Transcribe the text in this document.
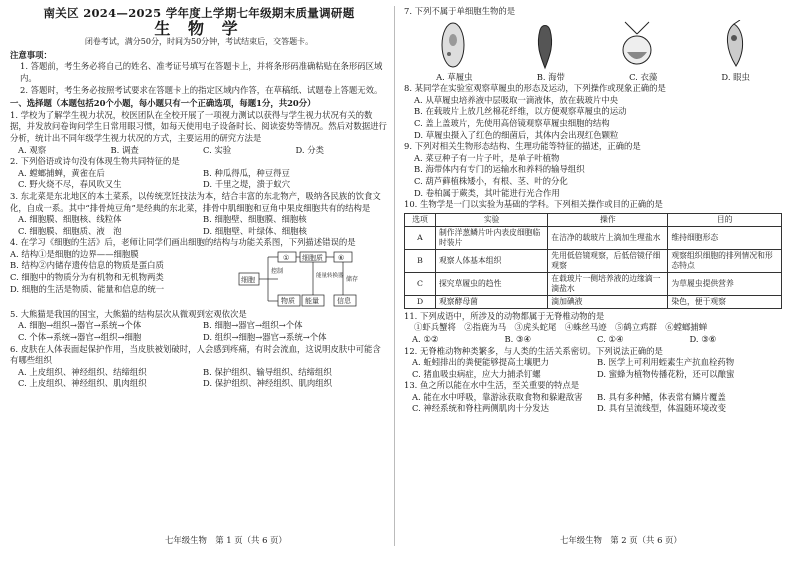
南关区 2024—2025 学年度上学期七年级期末质量调研题
生 物 学
闭卷考试，满分50分，时间为50分钟，考试结束后，交答题卡。

注意事项：

1. 答题前，考生务必将自己的姓名、准考证号填写在答题卡上，并将条形码准确粘贴在条形码区域内。

2. 答题时，考生务必按照考试要求在答题卡上的指定区域内作答，在草稿纸、试题卷上答题无效。

一、选择题（本题包括20个小题，每小题只有一个正确选项，每题1分，共20分）

1. 学校为了解学生视力状况，校医团队在全校开展了一项视力测试以获得与学生视力状况有关的数据，并发放问卷询问学生日常用眼习惯，如每天使用电子设备时长、阅读姿势等情况。然后对数据进行分析，统计出不同年级学生视力状况的方式，主要运用的研究方法是

A. 观察	B. 调查	C. 实验	D. 分类

2. 下列俗语或诗句没有体现生物共同特征的是

A. 螳螂捕蝉，黄雀在后	B. 种瓜得瓜，种豆得豆
C. 野火烧不尽，春风吹又生	D. 千里之堤，溃于蚁穴

3. 东北菜是东北地区的本土菜系，以传统烹饪技法为本，结合丰富的东北物产，吸纳各民族的饮食文化，自成一系。其中“排骨炖豆角”是经典的东北菜，排骨中肌细胞和豆角中果皮细胞共有的结构是

A. 细胞膜、细胞核、线粒体	B. 细胞壁、细胞膜、细胞核
C. 细胞膜、细胞质、液　泡	D. 细胞壁、叶绿体、细胞核

4. 在学习《细胞的生活》后，老师让同学们画出细胞的结构与功能关系图，下列描述错误的是

细胞
①
控制
细胞质 ⑥
物质 能量	信息
能量转换器 储存

A. 结构①是细胞的边界——细胞膜

B. 结构②内储存遗传信息的物质是蛋白质

C. 细胞中的物质分为有机物和无机物两类

D. 细胞的生活是物质、能量和信息的统一

5. 大熊猫是我国的国宝，大熊猫的结构层次从微观到宏观依次是

A. 细胞→组织→器官→系统→个体	B. 细胞→器官→组织→个体
C. 个体→系统→器官→组织→细胞	D. 组织→细胞→器官→系统→个体

6. 皮肤在人体表面起保护作用，当皮肤被划破时，人会感到疼痛，有时会流血，这说明皮肤中可能含有哪些组织

A. 上皮组织、神经组织、结缔组织	B. 保护组织、输导组织、结缔组织
C. 上皮组织、神经组织、肌肉组织	D. 保护组织、神经组织、肌肉组织

7. 下列不属于单细胞生物的是

A. 草履虫	B. 海带	C. 衣藻	D. 眼虫

8. 某同学在实验室观察草履虫的形态及运动，下列操作或现象正确的是

A. 从草履虫培养液中层吸取一滴液体，放在载玻片中央

B. 在载玻片上放几丝棉花纤维，以方便观察草履虫的运动

C. 盖上盖玻片，先使用高倍镜观察草履虫细胞的结构

D. 草履虫摄入了红色的细菌后，其体内会出现红色颗粒

9. 下列对相关生物形态结构、生理功能等特征的描述，正确的是

A. 菜豆种子有一片子叶，是单子叶植物

B. 海带体内有专门的运输水和养料的输导组织

C. 葫芦藓植株矮小，有根、茎、叶的分化

D. 卷柏属于蕨类，其叶能进行光合作用

10. 生物学是一门以实验为基础的学科。下列相关操作或目的正确的是

选项	实验	操作	目的
A	制作洋葱鳞片叶内表皮细胞临时装片	在洁净的载玻片上滴加生理盐水	维持细胞形态
B	观察人体基本组织	先用低倍镜观察，后低倍镜仔细观察	观察组织细胞的排列情况和形态特点
C	探究草履虫的趋性	在载玻片一侧培养液的边缘滴一滴盐水	为草履虫提供营养
D	观察酵母菌	滴加碘液	染色，便于观察

11. 下列成语中，所涉及的动物都属于无脊椎动物的是

①虾兵蟹将　②指鹿为马　③虎头蛇尾　④蛛丝马迹　⑤鹤立鸡群　⑥螳螂捕蝉

A. ①②	B. ③④	C. ①④	D. ③⑥

12. 无脊椎动物种类繁多，与人类的生活关系密切。下列说法正确的是

A. 蚯蚓排出的粪便能够提高土壤肥力	B. 医学上可利用蛭素生产抗血栓药物
C. 猪血吸虫病症，应大力捕杀钉螺	D. 蜜蜂为植物传播花粉，还可以酿蜜

13. 鱼之所以能在水中生活，至关重要的特点是

A. 能在水中呼吸，靠游泳获取食物和躲避敌害	B. 具有多种鳍，体表常有鳞片覆盖
C. 神经系统和脊柱两侧肌肉十分发达	D. 具有呈流线型，体温随环境改变
七年级生物　第 1 页（共 6 页）	七年级生物　第 2 页（共 6 页）
